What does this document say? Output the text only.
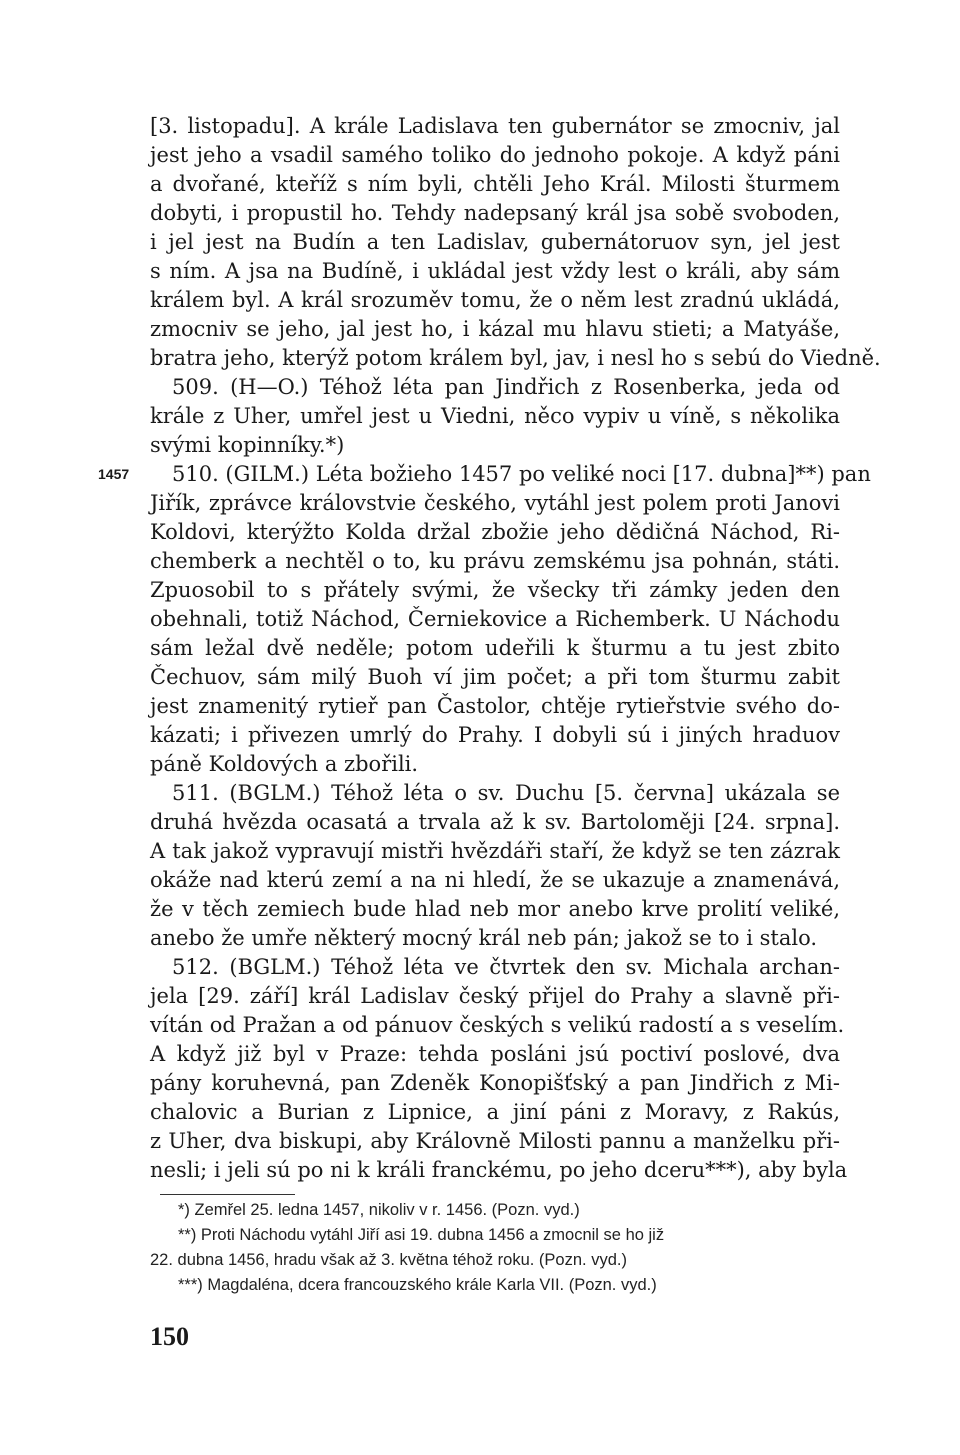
1457
[3. listopadu]. A krále Ladislava ten gubernátor se zmocniv, jal
jest jeho a vsadil samého toliko do jednoho pokoje. A když páni
a dvořané, kteříž s ním byli, chtěli Jeho Král. Milosti šturmem
dobyti, i propustil ho. Tehdy nadepsaný král jsa sobě svoboden,
i jel jest na Budín a ten Ladislav, gubernátoruov syn, jel jest
s ním. A jsa na Budíně, i ukládal jest vždy lest o králi, aby sám
králem byl. A král srozuměv tomu, že o něm lest zradnú ukládá,
zmocniv se jeho, jal jest ho, i kázal mu hlavu stieti; a Matyáše,
bratra jeho, kterýž potom králem byl, jav, i nesl ho s sebú do Viedně.
509. (H—O.) Téhož léta pan Jindřich z Rosenberka, jeda od
krále z Uher, umřel jest u Viedni, něco vypiv u víně, s několika
svými kopinníky.*)
510. (GILM.) Léta božieho 1457 po veliké noci [17. dubna]**) pan
Jiřík, zprávce královstvie českého, vytáhl jest polem proti Janovi
Koldovi, kterýžto Kolda držal zbožie jeho dědičná Náchod, Ri-
chemberk a nechtěl o to, ku právu zemskému jsa pohnán, státi.
Zpuosobil to s přátely svými, že všecky tři zámky jeden den
obehnali, totiž Náchod, Černiekovice a Richemberk. U Náchodu
sám ležal dvě neděle; potom udeřili k šturmu a tu jest zbito
Čechuov, sám milý Buoh ví jim počet; a při tom šturmu zabit
jest znamenitý rytieř pan Častolor, chtěje rytieřstvie svého do-
kázati; i přivezen umrlý do Prahy. I dobyli sú i jiných hraduov
páně Koldových a zbořili.
511. (BGLM.) Téhož léta o sv. Duchu [5. června] ukázala se
druhá hvězda ocasatá a trvala až k sv. Bartoloměji [24. srpna].
A tak jakož vypravují mistři hvězdáři staří, že když se ten zázrak
okáže nad kterú zemí a na ni hledí, že se ukazuje a znamenává,
že v těch zemiech bude hlad neb mor anebo krve prolití veliké,
anebo že umře některý mocný král neb pán; jakož se to i stalo.
512. (BGLM.) Téhož léta ve čtvrtek den sv. Michala archan-
jela [29. září] král Ladislav český přijel do Prahy a slavně při-
vítán od Pražan a od pánuov českých s velikú radostí a s veselím.
A když již byl v Praze: tehda posláni jsú poctiví poslové, dva
pány koruhevná, pan Zdeněk Konopišťský a pan Jindřich z Mi-
chalovic a Burian z Lipnice, a jiní páni z Moravy, z Rakús,
z Uher, dva biskupi, aby Královně Milosti pannu a manželku při-
nesli; i jeli sú po ni k králi franckému, po jeho dceru***), aby byla
*) Zemřel 25. ledna 1457, nikoliv v r. 1456. (Pozn. vyd.)
**) Proti Náchodu vytáhl Jiří asi 19. dubna 1456 a zmocnil se ho již
22. dubna 1456, hradu však až 3. května téhož roku. (Pozn. vyd.)
***) Magdaléna, dcera francouzského krále Karla VII. (Pozn. vyd.)
150
